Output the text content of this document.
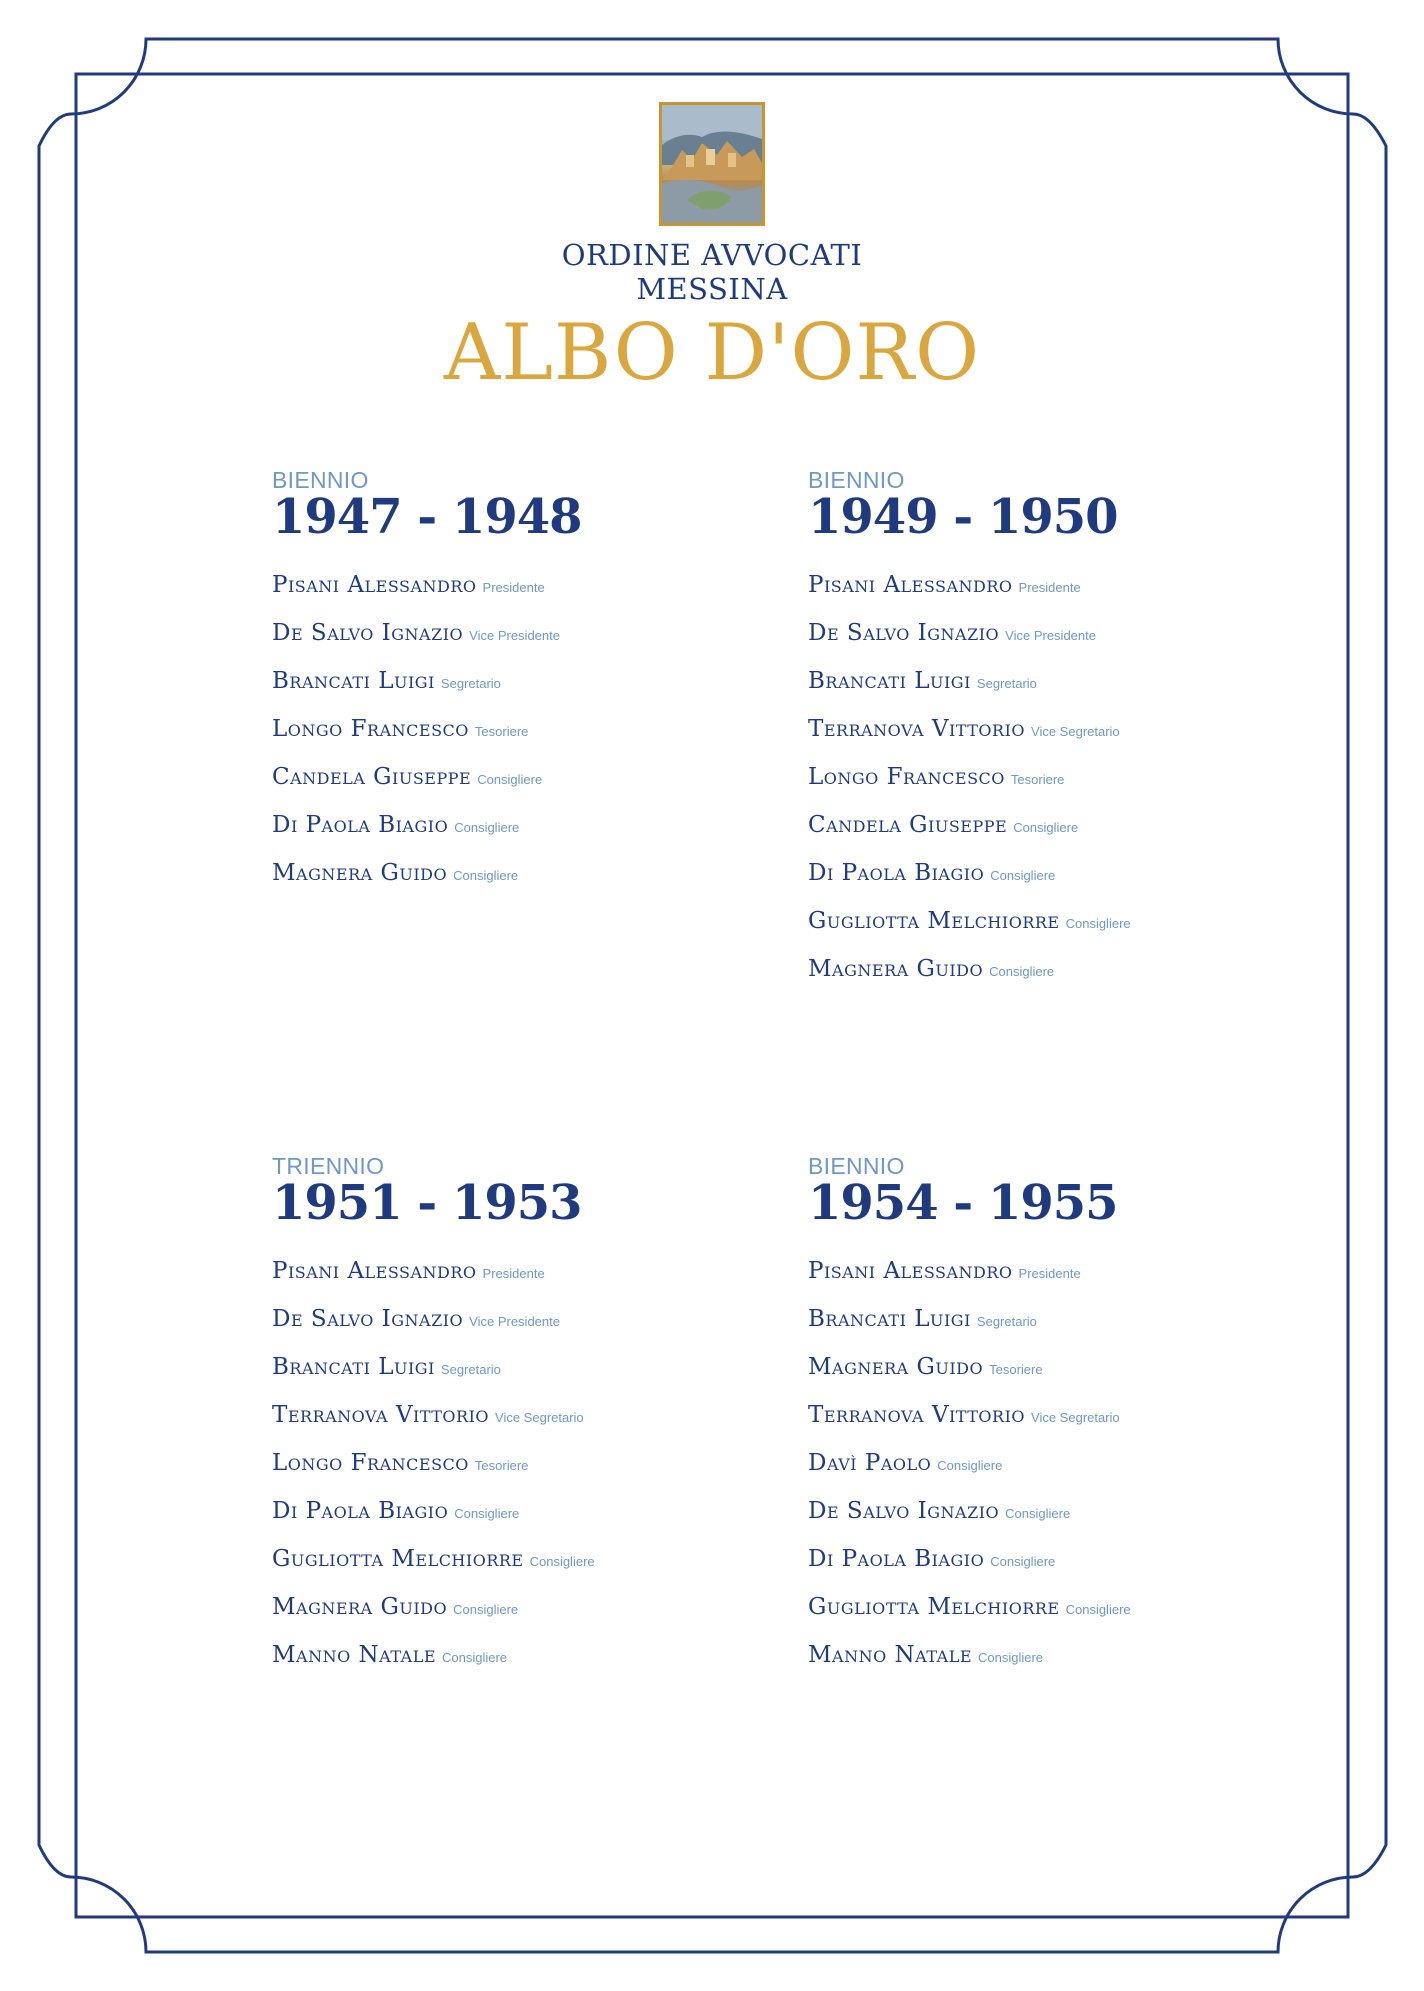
ORDINE AVVOCATI
MESSINA
ALBO D'ORO
BIENNIO
1947 - 1948
Pisani Alessandro Presidente
De Salvo Ignazio Vice Presidente
Brancati Luigi Segretario
Longo Francesco Tesoriere
Candela Giuseppe Consigliere
Di Paola Biagio Consigliere
Magnera Guido Consigliere
BIENNIO
1949 - 1950
Pisani Alessandro Presidente
De Salvo Ignazio Vice Presidente
Brancati Luigi Segretario
Terranova Vittorio Vice Segretario
Longo Francesco Tesoriere
Candela Giuseppe Consigliere
Di Paola Biagio Consigliere
Gugliotta Melchiorre Consigliere
Magnera Guido Consigliere
TRIENNIO
1951 - 1953
Pisani Alessandro Presidente
De Salvo Ignazio Vice Presidente
Brancati Luigi Segretario
Terranova Vittorio Vice Segretario
Longo Francesco Tesoriere
Di Paola Biagio Consigliere
Gugliotta Melchiorre Consigliere
Magnera Guido Consigliere
Manno Natale Consigliere
BIENNIO
1954 - 1955
Pisani Alessandro Presidente
Brancati Luigi Segretario
Magnera Guido Tesoriere
Terranova Vittorio Vice Segretario
Davì Paolo Consigliere
De Salvo Ignazio Consigliere
Di Paola Biagio Consigliere
Gugliotta Melchiorre Consigliere
Manno Natale Consigliere
